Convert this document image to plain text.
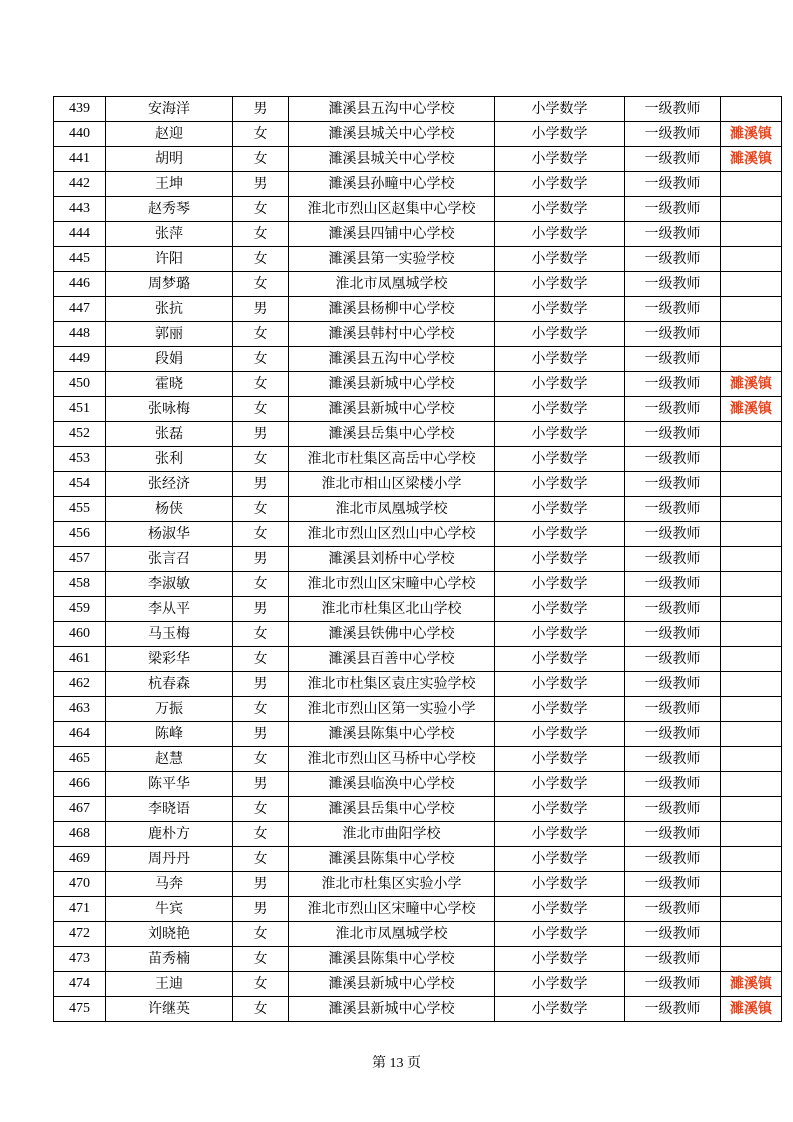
439	安海洋	男	濉溪县五沟中心学校	小学数学	一级教师	
440	赵迎	女	濉溪县城关中心学校	小学数学	一级教师	濉溪镇
441	胡明	女	濉溪县城关中心学校	小学数学	一级教师	濉溪镇
442	王坤	男	濉溪县孙疃中心学校	小学数学	一级教师	
443	赵秀琴	女	淮北市烈山区赵集中心学校	小学数学	一级教师	
444	张萍	女	濉溪县四铺中心学校	小学数学	一级教师	
445	许阳	女	濉溪县第一实验学校	小学数学	一级教师	
446	周梦璐	女	淮北市凤凰城学校	小学数学	一级教师	
447	张抗	男	濉溪县杨柳中心学校	小学数学	一级教师	
448	郭丽	女	濉溪县韩村中心学校	小学数学	一级教师	
449	段娟	女	濉溪县五沟中心学校	小学数学	一级教师	
450	霍晓	女	濉溪县新城中心学校	小学数学	一级教师	濉溪镇
451	张咏梅	女	濉溪县新城中心学校	小学数学	一级教师	濉溪镇
452	张磊	男	濉溪县岳集中心学校	小学数学	一级教师	
453	张利	女	淮北市杜集区高岳中心学校	小学数学	一级教师	
454	张经济	男	淮北市相山区梁楼小学	小学数学	一级教师	
455	杨侠	女	淮北市凤凰城学校	小学数学	一级教师	
456	杨淑华	女	淮北市烈山区烈山中心学校	小学数学	一级教师	
457	张言召	男	濉溪县刘桥中心学校	小学数学	一级教师	
458	李淑敏	女	淮北市烈山区宋疃中心学校	小学数学	一级教师	
459	李从平	男	淮北市杜集区北山学校	小学数学	一级教师	
460	马玉梅	女	濉溪县铁佛中心学校	小学数学	一级教师	
461	梁彩华	女	濉溪县百善中心学校	小学数学	一级教师	
462	杭春森	男	淮北市杜集区袁庄实验学校	小学数学	一级教师	
463	万振	女	淮北市烈山区第一实验小学	小学数学	一级教师	
464	陈峰	男	濉溪县陈集中心学校	小学数学	一级教师	
465	赵慧	女	淮北市烈山区马桥中心学校	小学数学	一级教师	
466	陈平华	男	濉溪县临涣中心学校	小学数学	一级教师	
467	李晓语	女	濉溪县岳集中心学校	小学数学	一级教师	
468	鹿朴方	女	淮北市曲阳学校	小学数学	一级教师	
469	周丹丹	女	濉溪县陈集中心学校	小学数学	一级教师	
470	马奔	男	淮北市杜集区实验小学	小学数学	一级教师	
471	牛宾	男	淮北市烈山区宋疃中心学校	小学数学	一级教师	
472	刘晓艳	女	淮北市凤凰城学校	小学数学	一级教师	
473	苗秀楠	女	濉溪县陈集中心学校	小学数学	一级教师	
474	王迪	女	濉溪县新城中心学校	小学数学	一级教师	濉溪镇
475	许继英	女	濉溪县新城中心学校	小学数学	一级教师	濉溪镇
第 13 页
